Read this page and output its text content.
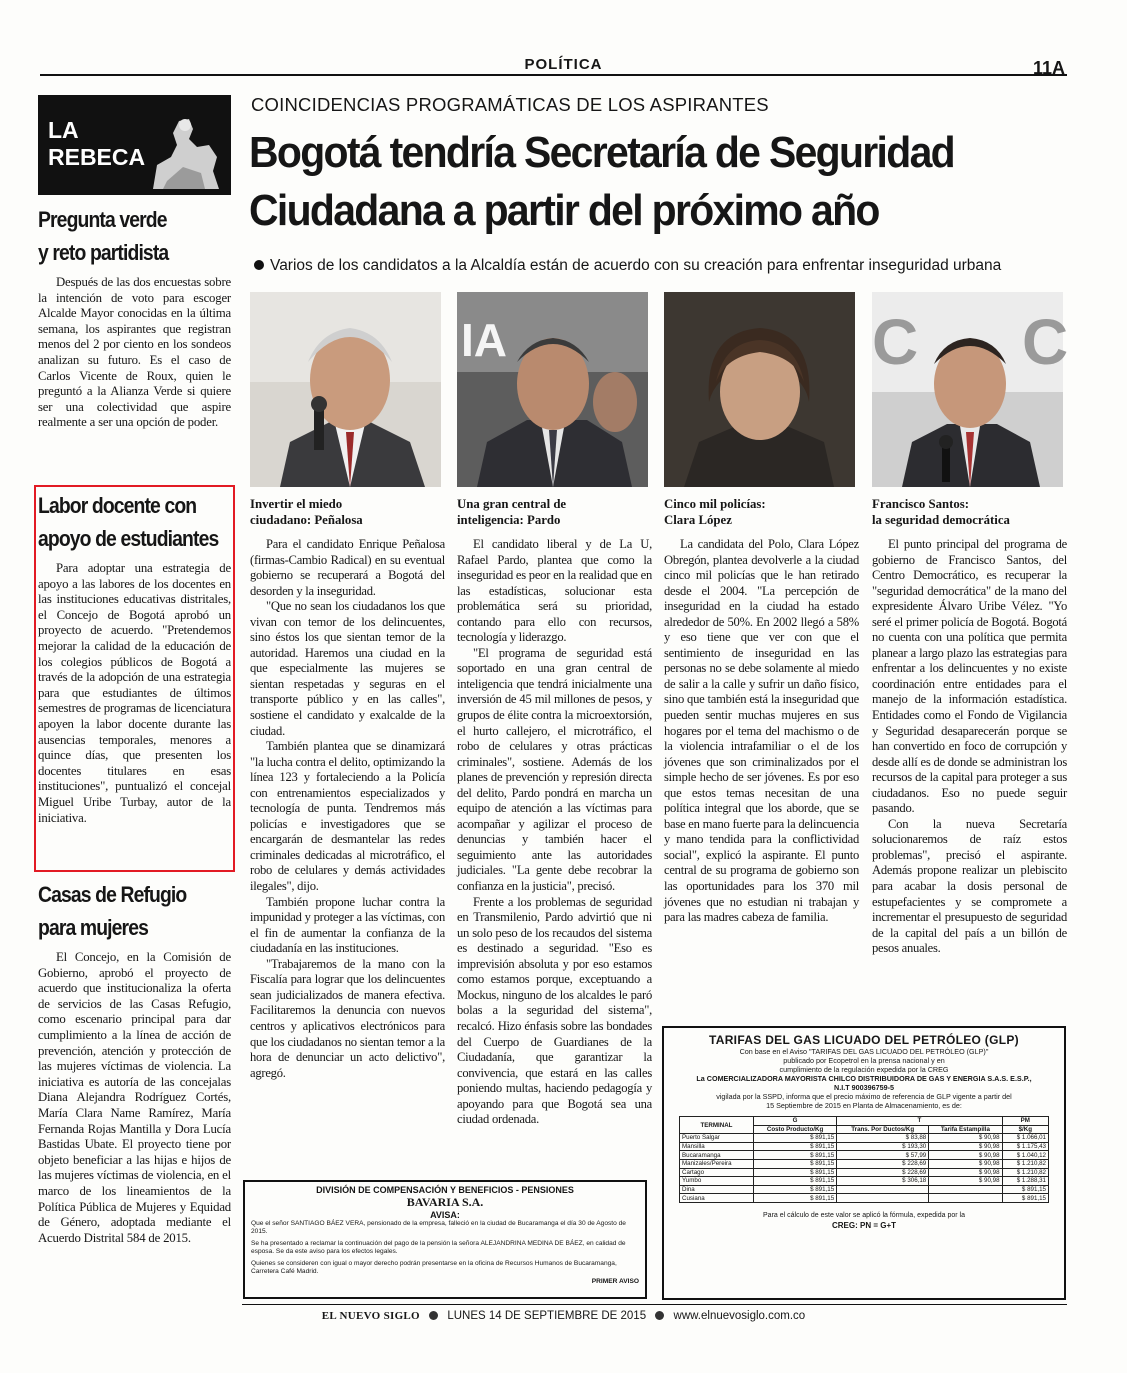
POLÍTICA	11A
LA
REBECA
Pregunta verde
y reto partidista
Después de las dos encuestas sobre la intención de voto para escoger Alcalde Mayor conocidas en la última semana, los aspirantes que registran menos del 2 por ciento en los sondeos analizan su futuro. Es el caso de Carlos Vicente de Roux, quien le preguntó a la Alianza Verde si quiere ser una colectividad que aspire realmente a ser una opción de poder.
Labor docente con
apoyo de estudiantes
Para adoptar una estrategia de apoyo a las labores de los docentes en las instituciones educativas distritales, el Concejo de Bogotá aprobó un proyecto de acuerdo. "Pretendemos mejorar la calidad de la educación de los colegios públicos de Bogotá a través de la adopción de una estrategia para que estudiantes de últimos semestres de programas de licenciatura apoyen la labor docente durante las ausencias temporales, menores a quince días, que presenten los docentes titulares en esas instituciones", puntualizó el concejal Miguel Uribe Turbay, autor de la iniciativa.
Casas de Refugio
para mujeres
El Concejo, en la Comisión de Gobierno, aprobó el proyecto de acuerdo que institucionaliza la oferta de servicios de las Casas Refugio, como escenario principal para dar cumplimiento a la línea de acción de prevención, atención y protección de las mujeres víctimas de violencia. La iniciativa es autoría de las concejalas Diana Alejandra Rodríguez Cortés, María Clara Name Ramírez, María Fernanda Rojas Mantilla y Dora Lucía Bastidas Ubate. El proyecto tiene por objeto beneficiar a las hijas e hijos de las mujeres víctimas de violencia, en el marco de los lineamientos de la Política Pública de Mujeres y Equidad de Género, adoptada mediante el Acuerdo Distrital 584 de 2015.
COINCIDENCIAS PROGRAMÁTICAS DE LOS ASPIRANTES
Bogotá tendría Secretaría de Seguridad
Ciudadana a partir del próximo año
Varios de los candidatos a la Alcaldía están de acuerdo con su creación para enfrentar inseguridad urbana
IA	C C
Invertir el miedo
ciudadano: Peñalosa
Una gran central de
inteligencia: Pardo
Cinco mil policías:
Clara López
Francisco Santos:
la seguridad democrática

Para el candidato Enrique Peñalosa (firmas-Cambio Radical) en su eventual gobierno se recuperará a Bogotá del desorden y la inseguridad.

"Que no sean los ciudadanos los que vivan con temor de los delincuentes, sino éstos los que sientan temor de la autoridad. Haremos una ciudad en la que especialmente las mujeres se sientan respetadas y seguras en el transporte público y en las calles", sostiene el candidato y exalcalde de la ciudad.

También plantea que se dinamizará "la lucha contra el delito, optimizando la línea 123 y fortaleciendo a la Policía con entrenamientos especializados y tecnología de punta. Tendremos más policías e investigadores que se encargarán de desmantelar las redes criminales dedicadas al microtráfico, el robo de celulares y demás actividades ilegales", dijo.

También propone luchar contra la impunidad y proteger a las víctimas, con el fin de aumentar la confianza de la ciudadanía en las instituciones.

"Trabajaremos de la mano con la Fiscalía para lograr que los delincuentes sean judicializados de manera efectiva. Facilitaremos la denuncia con nuevos centros y aplicativos electrónicos para que los ciudadanos no sientan temor a la hora de denunciar un acto delictivo", agregó.

El candidato liberal y de La U, Rafael Pardo, plantea que como la inseguridad es peor en la realidad que en las estadísticas, solucionar esta problemática será su prioridad, contando para ello con recursos, tecnología y liderazgo.

"El programa de seguridad está soportado en una gran central de inteligencia que tendrá inicialmente una inversión de 45 mil millones de pesos, y grupos de élite contra la microextorsión, el hurto callejero, el microtráfico, el robo de celulares y otras prácticas criminales", sostiene. Además de los planes de prevención y represión directa del delito, Pardo pondrá en marcha un equipo de atención a las víctimas para acompañar y agilizar el proceso de denuncias y también hacer el seguimiento ante las autoridades judiciales. "La gente debe recobrar la confianza en la justicia", precisó.

Frente a los problemas de seguridad en Transmilenio, Pardo advirtió que ni un solo peso de los recaudos del sistema es destinado a seguridad. "Eso es imprevisión absoluta y por eso estamos como estamos porque, exceptuando a Mockus, ninguno de los alcaldes le paró bolas a la seguridad del sistema", recalcó. Hizo énfasis sobre las bondades del Cuerpo de Guardianes de la Ciudadanía, que garantizar la convivencia, que estará en las calles poniendo multas, haciendo pedagogía y apoyando para que Bogotá sea una ciudad ordenada.

La candidata del Polo, Clara López Obregón, plantea devolverle a la ciudad cinco mil policías que le han retirado desde el 2004. "La percepción de inseguridad en la ciudad ha estado alrededor de 50%. En 2002 llegó a 58% y eso tiene que ver con que el sentimiento de inseguridad en las personas no se debe solamente al miedo de salir a la calle y sufrir un daño físico, sino que también está la inseguridad que pueden sentir muchas mujeres en sus hogares por el tema del machismo o de la violencia intrafamiliar o el de los jóvenes que son criminalizados por el simple hecho de ser jóvenes. Es por eso que estos temas necesitan de una política integral que los aborde, que se base en mano fuerte para la delincuencia y mano tendida para la conflictividad social", explicó la aspirante. El punto central de su programa de gobierno son las oportunidades para los 370 mil jóvenes que no estudian ni trabajan y para las madres cabeza de familia.

El punto principal del programa de gobierno de Francisco Santos, del Centro Democrático, es recuperar la "seguridad democrática" de la mano del expresidente Álvaro Uribe Vélez. "Yo seré el primer policía de Bogotá. Bogotá no cuenta con una política que permita planear a largo plazo las estrategias para enfrentar a los delincuentes y no existe coordinación entre entidades para el manejo de la información estadística. Entidades como el Fondo de Vigilancia y Seguridad desaparecerán porque se han convertido en foco de corrupción y desde allí es de donde se administran los recursos de la capital para proteger a sus ciudadanos. Eso no puede seguir pasando.

Con la nueva Secretaría solucionaremos de raíz estos problemas", precisó el aspirante. Además propone realizar un plebiscito para acabar la dosis personal de estupefacientes y se compromete a incrementar el presupuesto de seguridad de la capital del país a un billón de pesos anuales.

DIVISIÓN DE COMPENSACIÓN Y BENEFICIOS - PENSIONES
BAVARIA S.A.
AVISA:
Que el señor SANTIAGO BÁEZ VERA, pensionado de la empresa, falleció en la ciudad de Bucaramanga el día 30 de Agosto de 2015.
Se ha presentado a reclamar la continuación del pago de la pensión la señora ALEJANDRINA MEDINA DE BÁEZ, en calidad de esposa. Se da este aviso para los efectos legales.
Quienes se consideren con igual o mayor derecho podrán presentarse en la oficina de Recursos Humanos de Bucaramanga, Carretera Café Madrid.
PRIMER AVISO
TARIFAS DEL GAS LICUADO DEL PETRÓLEO (GLP)
Con base en el Aviso "TARIFAS DEL GAS LICUADO DEL PETRÓLEO (GLP)"
publicado por Ecopetrol en la prensa nacional y en
cumplimiento de la regulación expedida por la CREG
La COMERCIALIZADORA MAYORISTA CHILCO DISTRIBUIDORA DE GAS Y ENERGIA S.A.S. E.S.P.,
N.I.T 900396759-5
vigilada por la SSPD, informa que el precio máximo de referencia de GLP vigente a partir del
15 Septiembre de 2015 en Planta de Almacenamiento, es de:
TERMINAL	G	T		PM
	Costo Producto/Kg	Trans. Por Ductos/Kg	Tarifa Estampilla	$/Kg
Puerto Salgar	$ 891,15	$ 83,88	$ 90,98	$ 1.066,01
Mansilla	$ 891,15	$ 193,30	$ 90,98	$ 1.175,43
Bucaramanga	$ 891,15	$ 57,99	$ 90,98	$ 1.040,12
Manizales/Pereira	$ 891,15	$ 228,69	$ 90,98	$ 1.210,82
Cartago	$ 891,15	$ 228,69	$ 90,98	$ 1.210,82
Yumbo	$ 891,15	$ 306,18	$ 90,98	$ 1.288,31
Dina	$ 891,15			$ 891,15
Cusiana	$ 891,15			$ 891,15
Para el cálculo de este valor se aplicó la fórmula, expedida por la
CREG: PN = G+T
EL NUEVO SIGLO LUNES 14 DE SEPTIEMBRE DE 2015 www.elnuevosiglo.com.co
